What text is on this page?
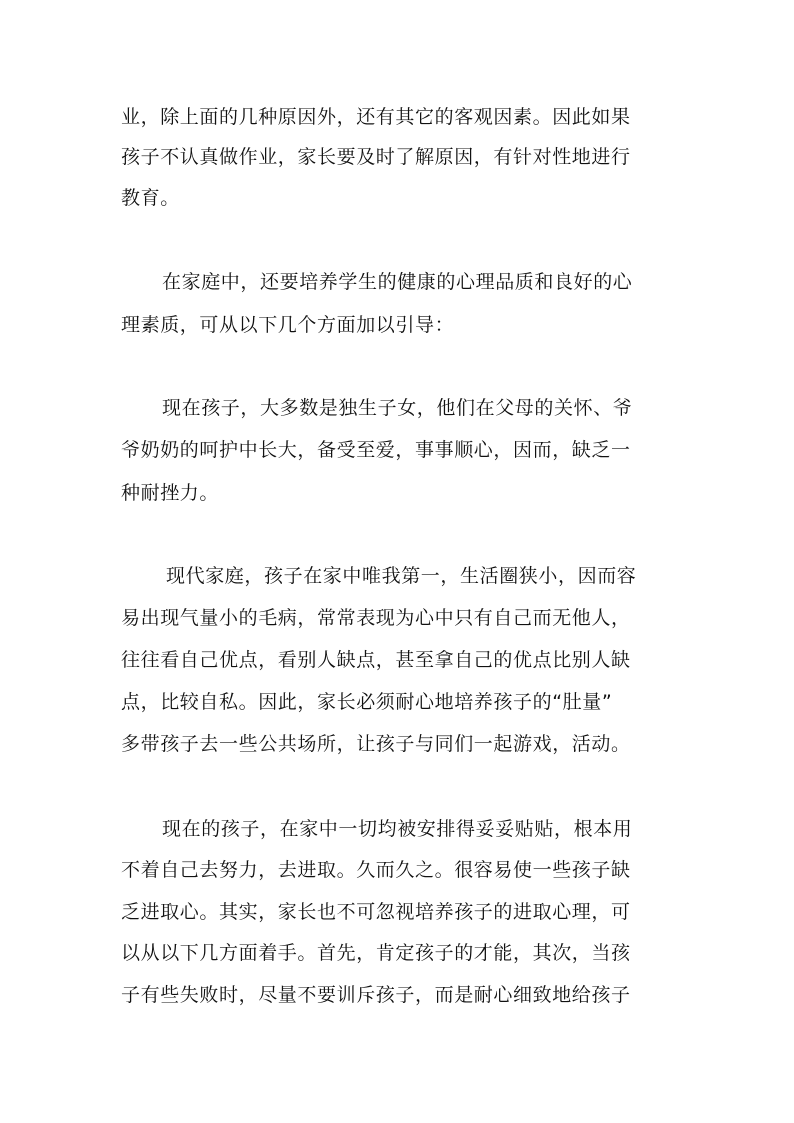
业，除上面的几种原因外，还有其它的客观因素。因此如果
孩子不认真做作业，家长要及时了解原因，有针对性地进行
教育。
在家庭中，还要培养学生的健康的心理品质和良好的心
理素质，可从以下几个方面加以引导：
现在孩子，大多数是独生子女，他们在父母的关怀、爷
爷奶奶的呵护中长大，备受至爱，事事顺心，因而，缺乏一
种耐挫力。
现代家庭，孩子在家中唯我第一，生活圈狭小，因而容
易出现气量小的毛病，常常表现为心中只有自己而无他人，
往往看自己优点，看别人缺点，甚至拿自己的优点比别人缺
点，比较自私。因此，家长必须耐心地培养孩子的“肚量”
多带孩子去一些公共场所，让孩子与同们一起游戏，活动。
现在的孩子，在家中一切均被安排得妥妥贴贴，根本用
不着自己去努力，去进取。久而久之。很容易使一些孩子缺
乏进取心。其实，家长也不可忽视培养孩子的进取心理，可
以从以下几方面着手。首先，肯定孩子的才能，其次，当孩
子有些失败时，尽量不要训斥孩子，而是耐心细致地给孩子
